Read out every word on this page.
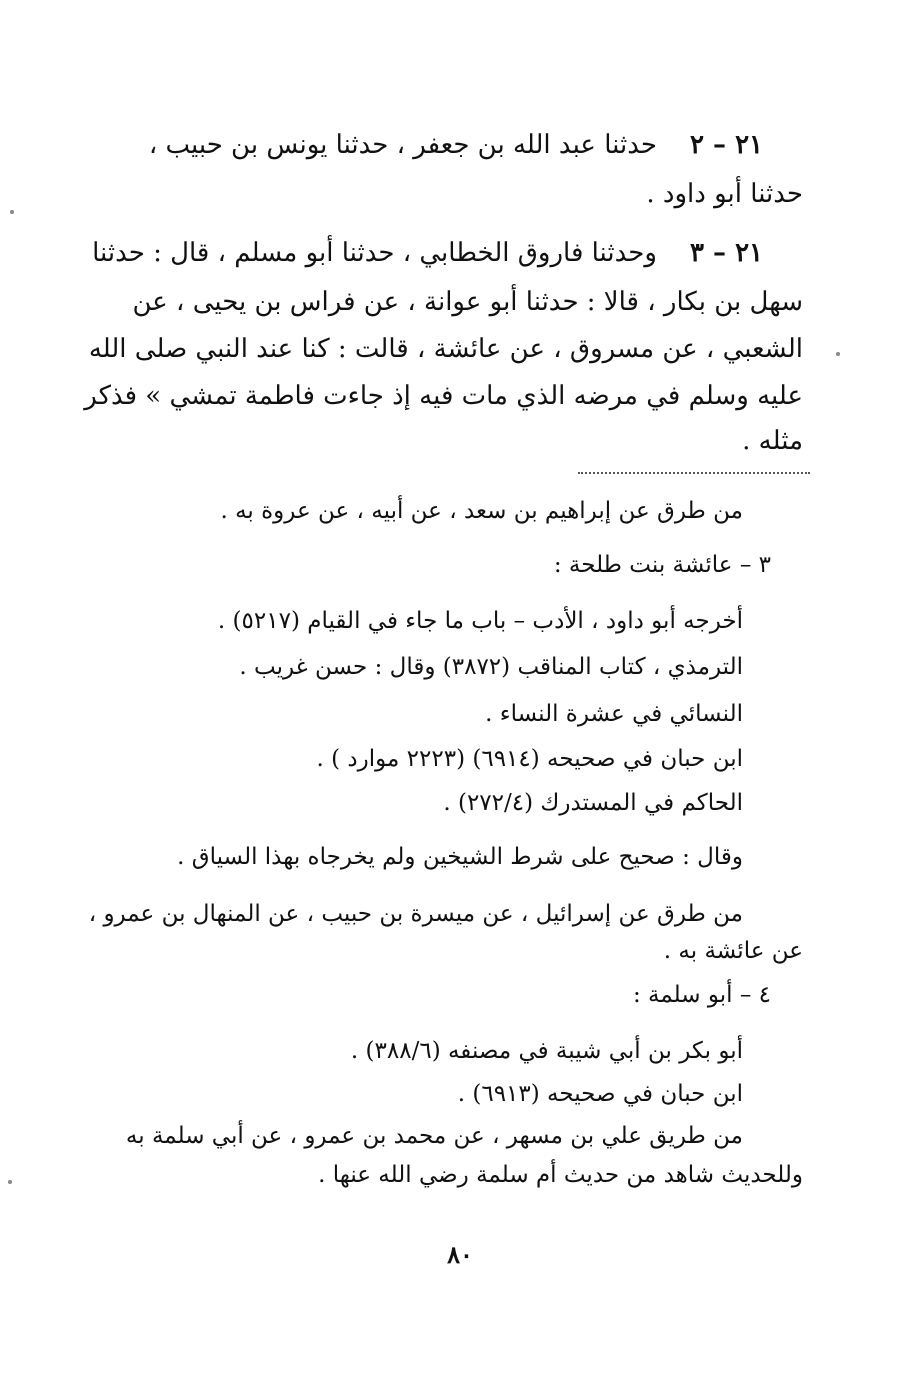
٢١ – ٢    حدثنا عبد الله بن جعفر ، حدثنا يونس بن حبيب ،
حدثنا أبو داود .
٢١ – ٣    وحدثنا فاروق الخطابي ، حدثنا أبو مسلم ، قال : حدثنا
سهل بن بكار ، قالا : حدثنا أبو عوانة ، عن فراس بن يحيى ، عن
الشعبي ، عن مسروق ، عن عائشة ، قالت : كنا عند النبي صلى الله
عليه وسلم في مرضه الذي مات فيه إذ جاءت فاطمة تمشي » فذكر
مثله .
من طرق عن إبراهيم بن سعد ، عن أبيه ، عن عروة به .
٣ – عائشة بنت طلحة :
أخرجه أبو داود ، الأدب – باب ما جاء في القيام (٥٢١٧) .
الترمذي ، كتاب المناقب (٣٨٧٢) وقال : حسن غريب .
النسائي في عشرة النساء .
ابن حبان في صحيحه (٦٩١٤) (٢٢٢٣ موارد ) .
الحاكم في المستدرك (٢٧٢/٤) .
وقال : صحيح على شرط الشيخين ولم يخرجاه بهذا السياق .
من طرق عن إسرائيل ، عن ميسرة بن حبيب ، عن المنهال بن عمرو ،
عن عائشة به .
٤ – أبو سلمة :
أبو بكر بن أبي شيبة في مصنفه (٣٨٨/٦) .
ابن حبان في صحيحه (٦٩١٣) .
من طريق علي بن مسهر ، عن محمد بن عمرو ، عن أبي سلمة به
وللحديث شاهد من حديث أم سلمة رضي الله عنها .
٨٠
